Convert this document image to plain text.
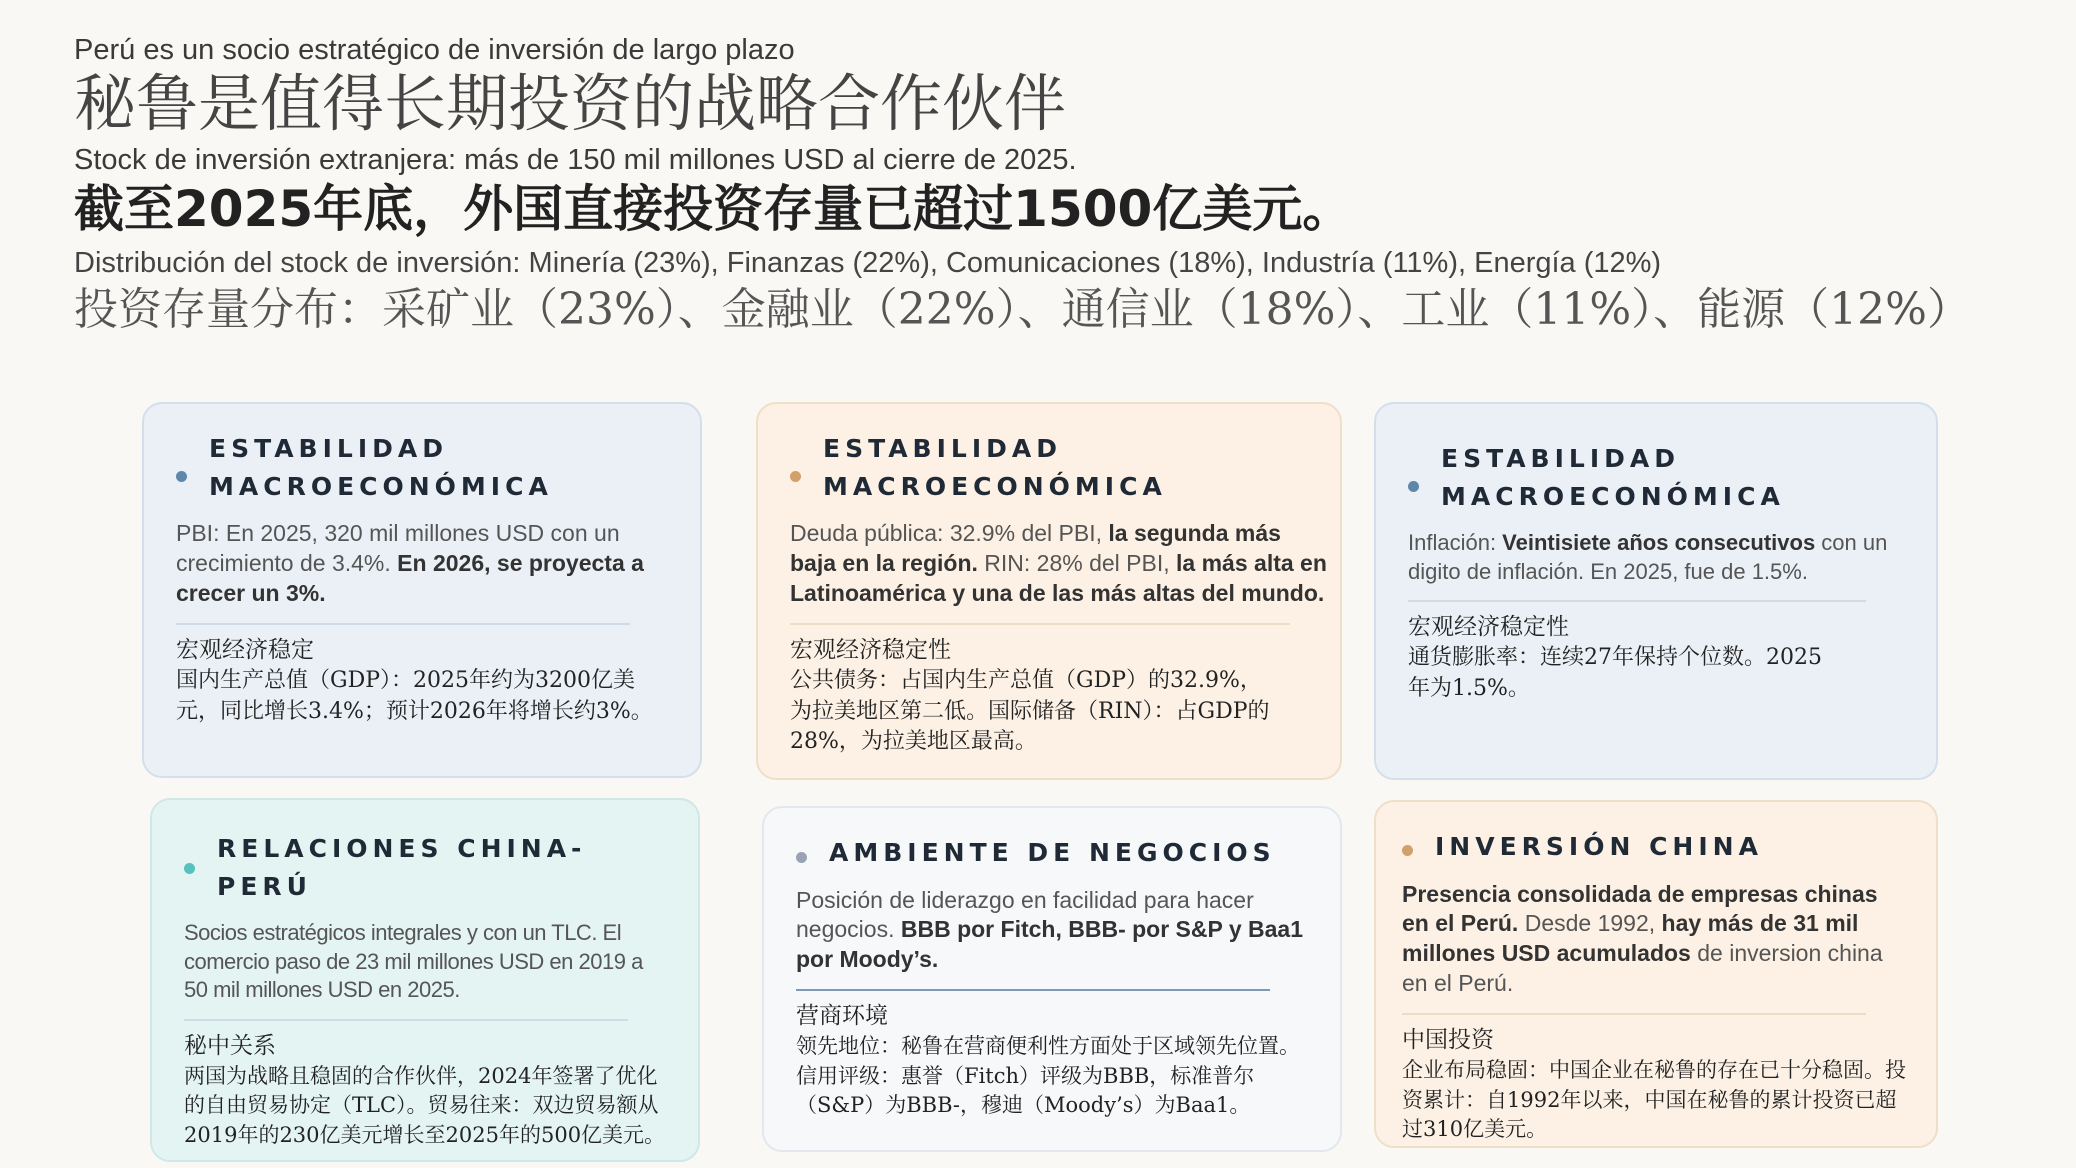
Perú es un socio estratégico de inversión de largo plazo
秘鲁是值得长期投资的战略合作伙伴
Stock de inversión extranjera: más de 150 mil millones USD al cierre de 2025.
截至2025年底，外国直接投资存量已超过1500亿美元。
Distribución del stock de inversión: Minería (23%), Finanzas (22%), Comunicaciones (18%), Industría (11%), Energía (12%)
投资存量分布：采矿业（23%）、金融业（22%）、通信业（18%）、工业（11%）、能源（12%）
ESTABILIDAD
MACROECONÓMICA
PBI: En 2025, 320 mil millones USD con un crecimiento de 3.4%. En 2026, se proyecta a crecer un 3%.
宏观经济稳定
国内生产总值（GDP）：2025年约为3200亿美元，同比增长3.4%；预计2026年将增长约3%。
ESTABILIDAD
MACROECONÓMICA
Deuda pública: 32.9% del PBI, la segunda más baja en la región. RIN: 28% del PBI, la más alta en Latinoamérica y una de las más altas del mundo.
宏观经济稳定性
公共债务：占国内生产总值（GDP）的32.9%，为拉美地区第二低。国际储备（RIN）：占GDP的28%，为拉美地区最高。
ESTABILIDAD
MACROECONÓMICA
Inflación: Veintisiete años consecutivos con un digito de inflación. En 2025, fue de 1.5%.
宏观经济稳定性
通货膨胀率：连续27年保持个位数。2025年为1.5%。
RELACIONES CHINA-PERÚ
Socios estratégicos integrales y con un TLC. El comercio paso de 23 mil millones USD en 2019 a 50 mil millones USD en 2025.
秘中关系
两国为战略且稳固的合作伙伴，2024年签署了优化的自由贸易协定（TLC）。贸易往来：双边贸易额从2019年的230亿美元增长至2025年的500亿美元。
AMBIENTE DE NEGOCIOS
Posición de liderazgo en facilidad para hacer negocios. BBB por Fitch, BBB- por S&P y Baa1 por Moody’s.
营商环境
领先地位：秘鲁在营商便利性方面处于区域领先位置。信用评级：惠誉（Fitch）评级为BBB，标准普尔（S&P）为BBB-，穆迪（Moody’s）为Baa1。
INVERSIÓN CHINA
Presencia consolidada de empresas chinas en el Perú. Desde 1992, hay más de 31 mil millones USD acumulados de inversion china en el Perú.
中国投资
企业布局稳固：中国企业在秘鲁的存在已十分稳固。投资累计：自1992年以来，中国在秘鲁的累计投资已超过310亿美元。
